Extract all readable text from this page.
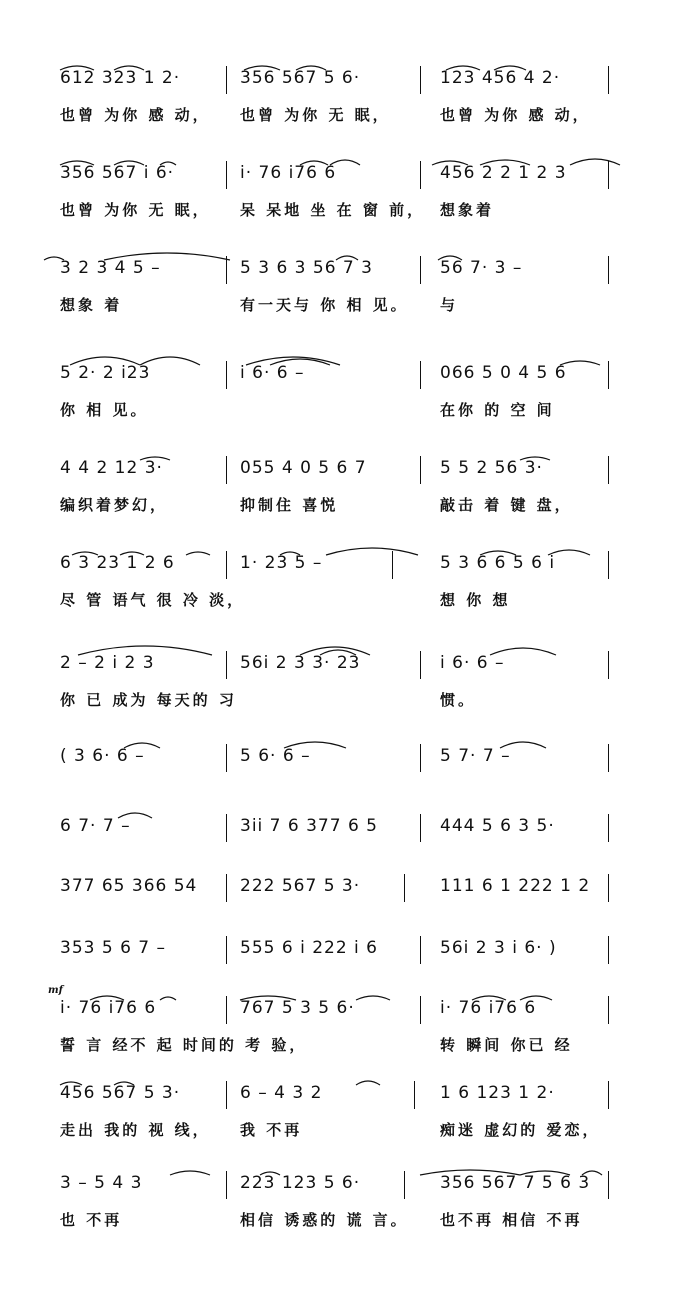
612 323 1 2·	356 567 5 6·	123 456 4 2·
也曾 为你 感 动， 也曾 为你 无 眠，	也曾 为你 感 动，
356 567 i 6·	i· 76 i76 6	456 2 2 1 2 3
也曾 为你 无 眠， 呆 呆地 坐 在 窗 前， 想象着
3 2 3 4 5 –	5 3 6 3 56 7 3	56 7· 3 –
想象 着	有一天与 你 相 见。 与
5 2· 2 i23	i 6· 6 –	066 5 0 4 5 6
你 相 见。	在你 的 空 间
4 4 2 12 3·	055 4 0 5 6 7	5 5 2 56 3·
编织着梦幻，	抑制住 喜悦	敲击 着 键 盘，
6 3 23 1 2 6	1· 23 5 –	5 3 6 6 5 6 i
尽 管 语气 很 冷 淡，	想 你 想
2 – 2 i 2 3	56i 2 3 3· 23	i 6· 6 –
你 已 成为 每天的 习	惯。
( 3 6· 6 –	5 6· 6 –	5 7· 7 –
6 7· 7 –	3ii 7 6 377 6 5	444 5 6 3 5·
377 65 366 54	222 567 5 3·	111 6 1 222 1 2
353 5 6 7 –	555 6 i 222 i 6	56i 2 3 i 6· )
i· 76 i76 6	767 5 3 5 6·	i· 76 i76 6
誓 言 经不 起 时间的 考 验，	转 瞬间 你已 经
456 567 5 3·	6 – 4 3 2	1 6 123 1 2·
走出 我的 视 线， 我 不再	痴迷 虚幻的 爱恋，
3 – 5 4 3	223 123 5 6·	356 567 7 5 6 3
也 不再	相信 诱惑的 谎 言。 也不再 相信 不再
mf
